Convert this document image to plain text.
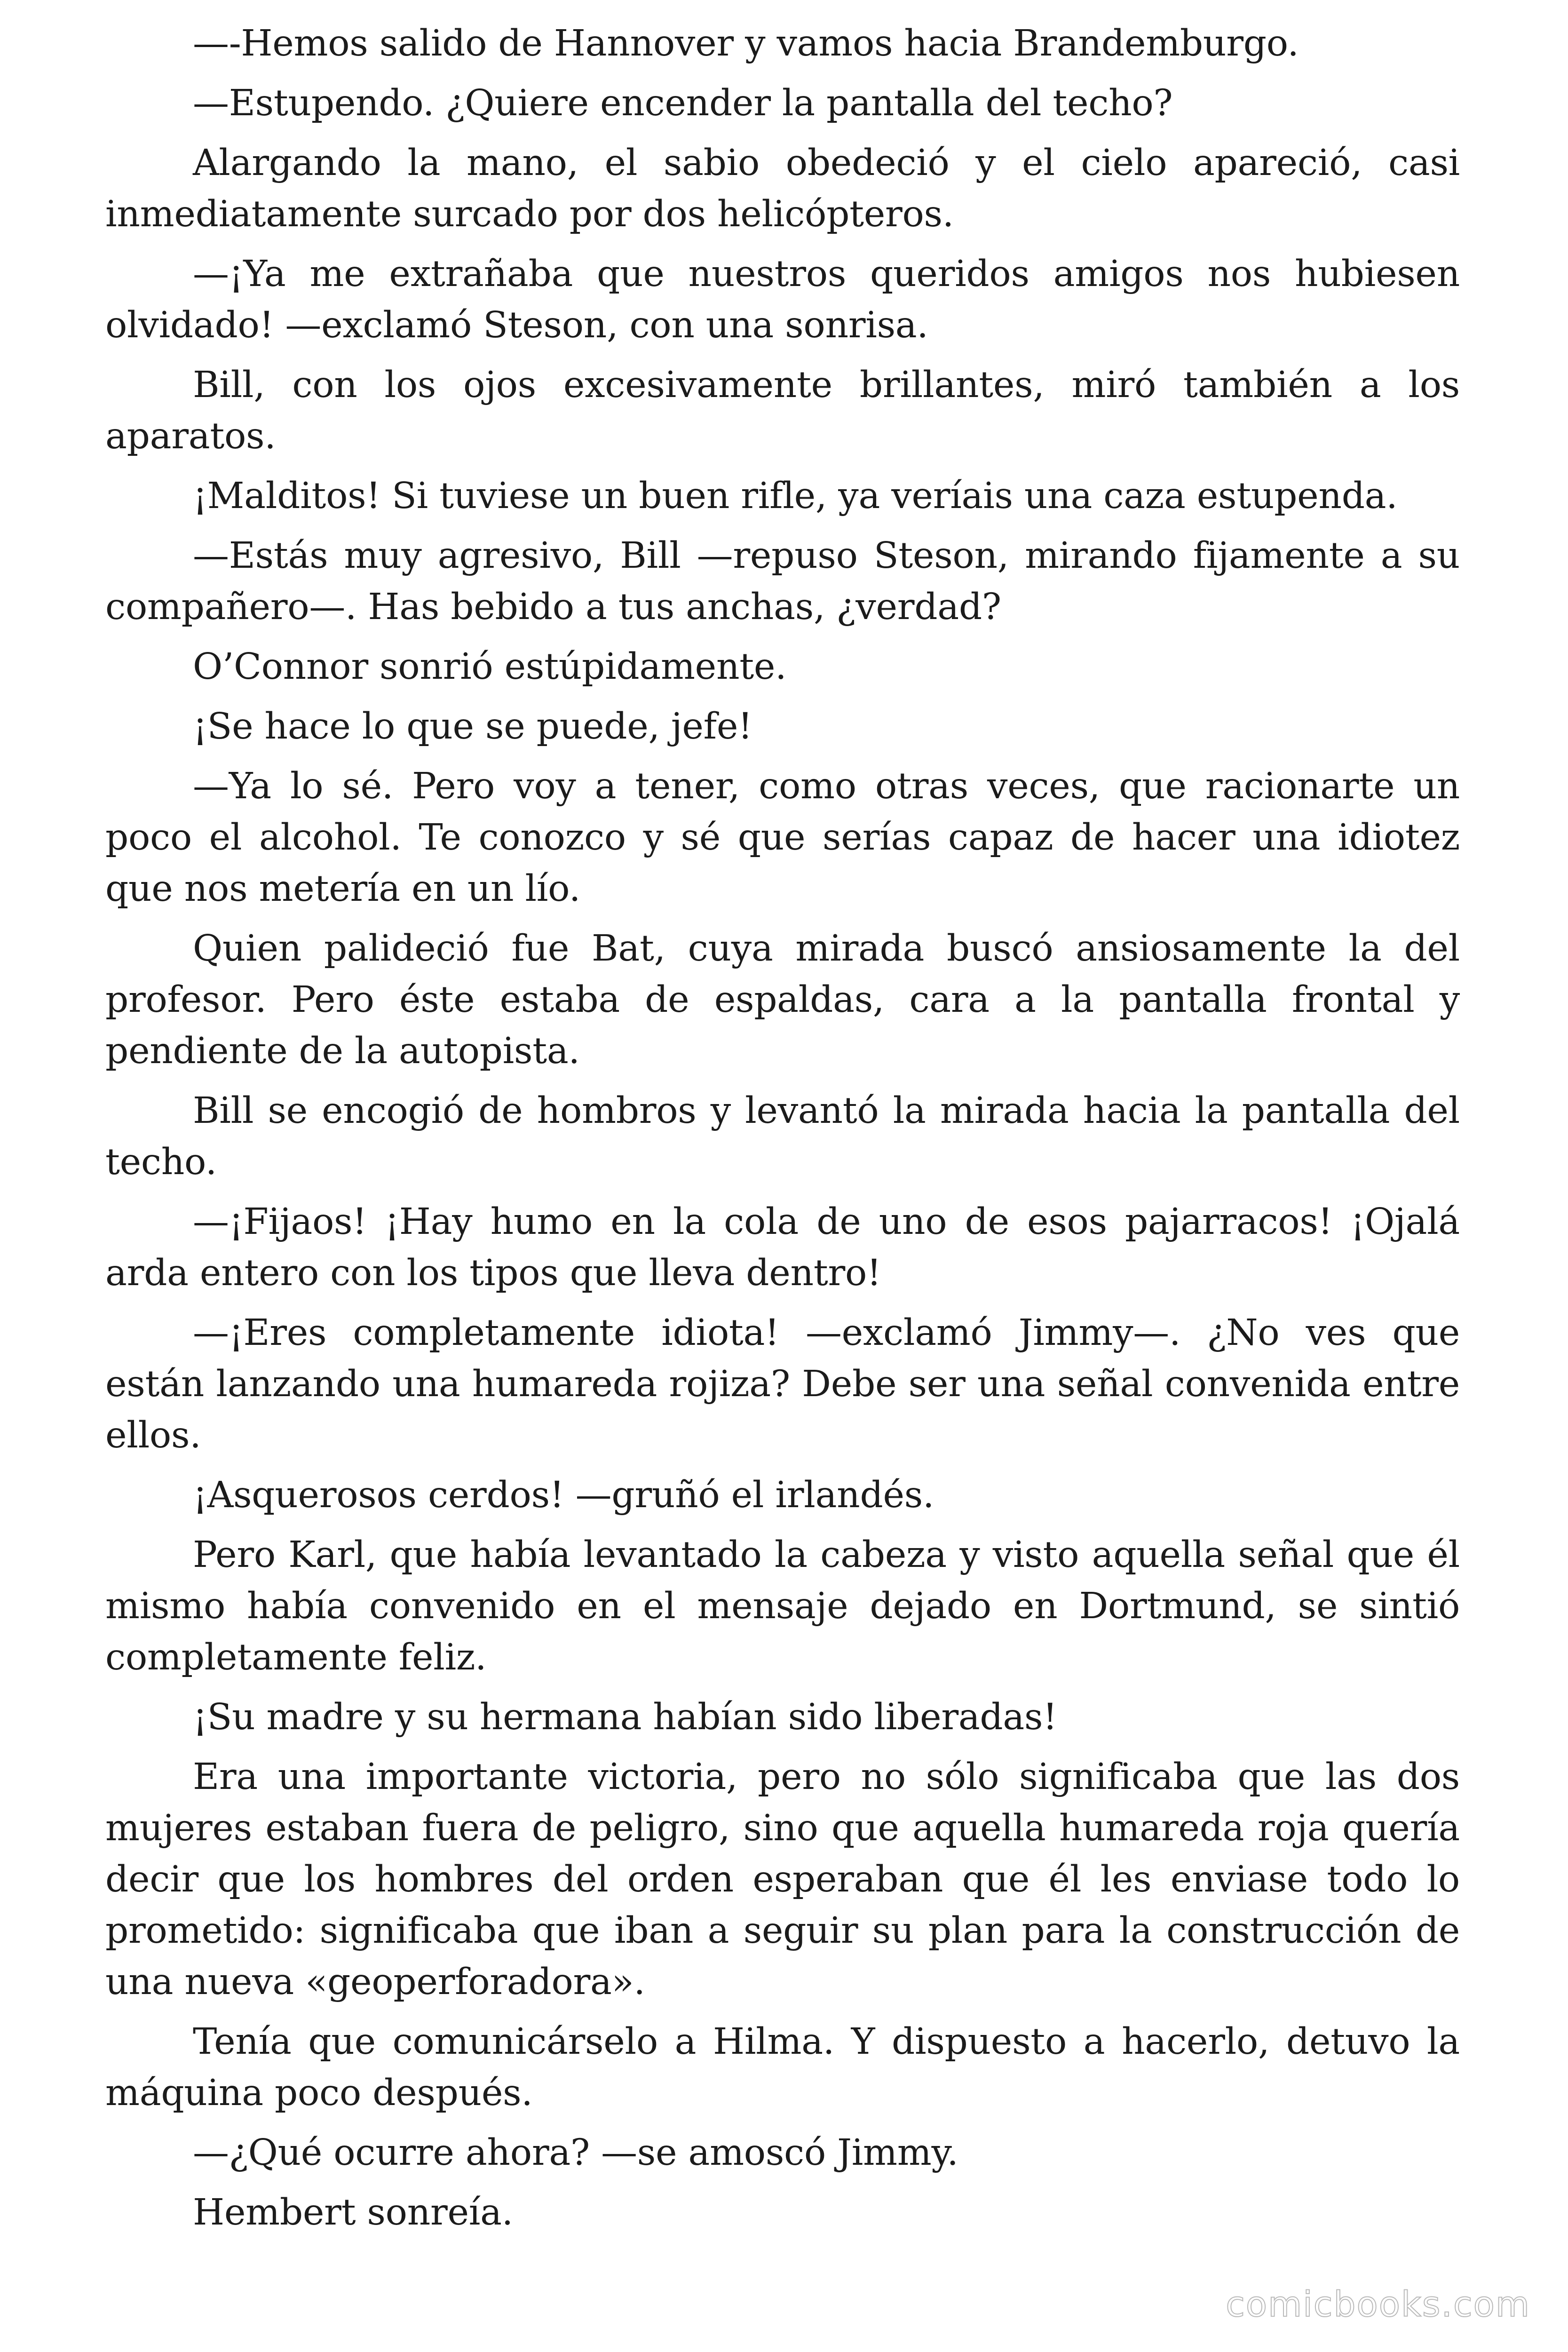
—-Hemos salido de Hannover y vamos hacia Brandemburgo.

—Estupendo. ¿Quiere encender la pantalla del techo?

Alargando la mano, el sabio obedeció y el cielo apareció, casi inmediatamente surcado por dos helicópteros.

—¡Ya me extrañaba que nuestros queridos amigos nos hubiesen olvidado! —exclamó Steson, con una sonrisa.

Bill, con los ojos excesivamente brillantes, miró también a los aparatos.

¡Malditos! Si tuviese un buen rifle, ya veríais una caza estupenda.

—Estás muy agresivo, Bill —repuso Steson, mirando fijamente a su compañero—. Has bebido a tus anchas, ¿verdad?

O’Connor sonrió estúpidamente.

¡Se hace lo que se puede, jefe!

—Ya lo sé. Pero voy a tener, como otras veces, que racionarte un poco el alcohol. Te conozco y sé que serías capaz de hacer una idiotez que nos metería en un lío.

Quien palideció fue Bat, cuya mirada buscó ansiosamente la del profesor. Pero éste estaba de espaldas, cara a la pantalla frontal y pendiente de la autopista.

Bill se encogió de hombros y levantó la mirada hacia la pantalla del techo.

—¡Fijaos! ¡Hay humo en la cola de uno de esos pajarracos! ¡Ojalá arda entero con los tipos que lleva dentro!

—¡Eres completamente idiota! —exclamó Jimmy—. ¿No ves que están lanzando una humareda rojiza? Debe ser una señal convenida entre ellos.

¡Asquerosos cerdos! —gruñó el irlandés.

Pero Karl, que había levantado la cabeza y visto aquella señal que él mismo había convenido en el mensaje dejado en Dortmund, se sintió completamente feliz.

¡Su madre y su hermana habían sido liberadas!

Era una importante victoria, pero no sólo significaba que las dos mujeres estaban fuera de peligro, sino que aquella humareda roja quería decir que los hombres del orden esperaban que él les enviase todo lo prometido: significaba que iban a seguir su plan para la construcción de una nueva «geoperforadora».

Tenía que comunicárselo a Hilma. Y dispuesto a hacerlo, detuvo la máquina poco después.

—¿Qué ocurre ahora? —se amoscó Jimmy.

Hembert sonreía.

comicbooks.com
